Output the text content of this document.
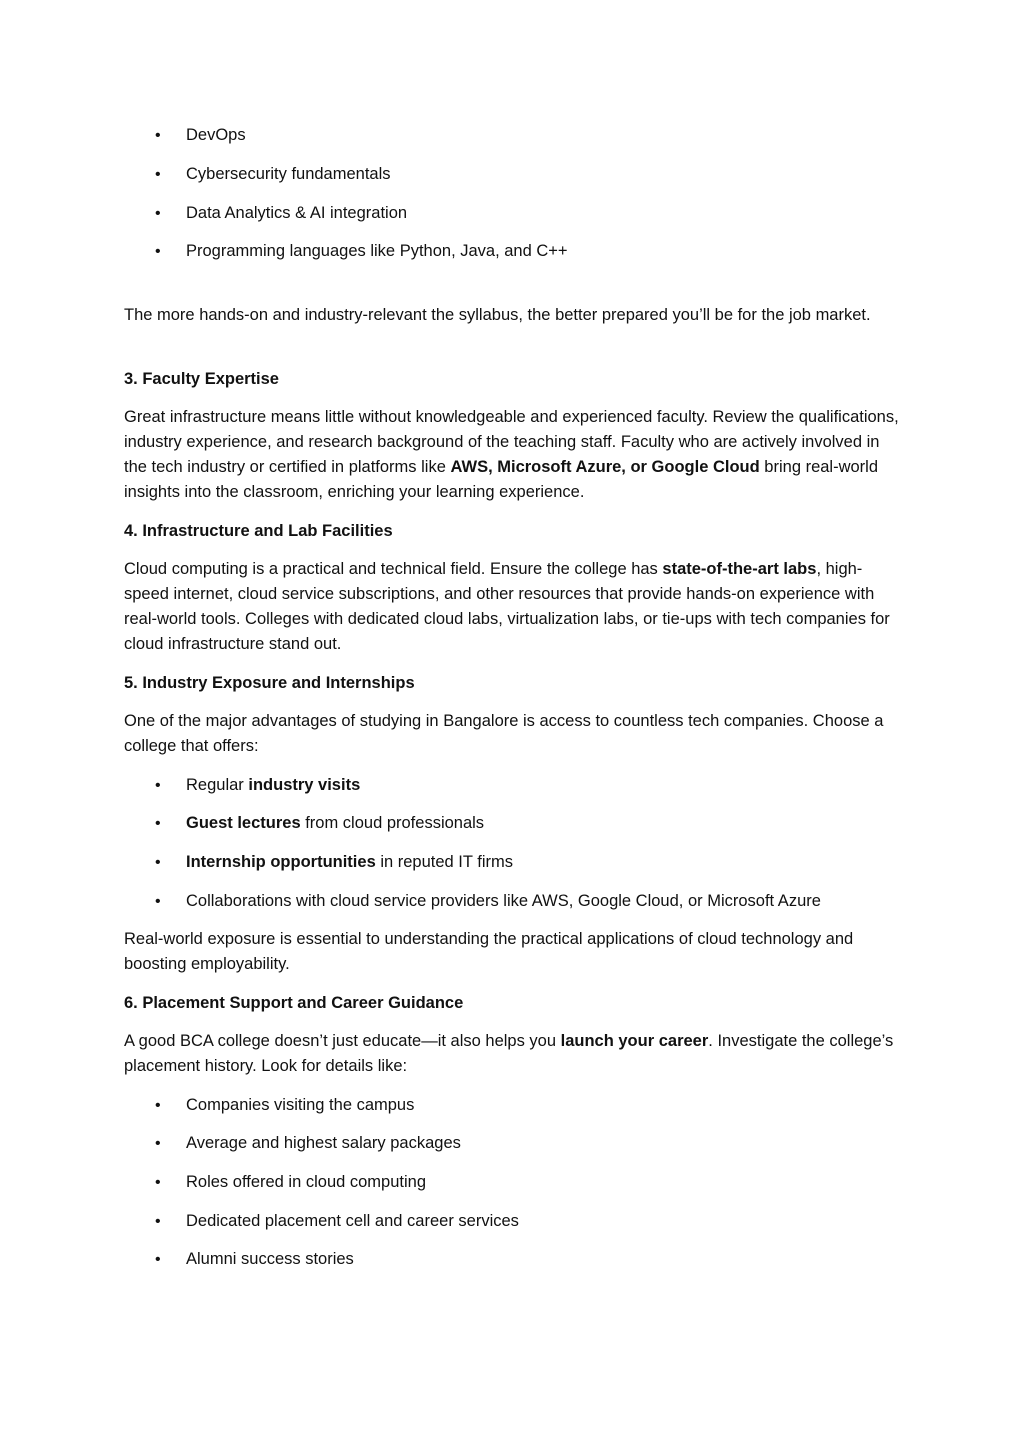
• DevOps

• Cybersecurity fundamentals

• Data Analytics & AI integration

• Programming languages like Python, Java, and C++

The more hands-on and industry-relevant the syllabus, the better prepared you’ll be for the job market.

3. Faculty Expertise

Great infrastructure means little without knowledgeable and experienced faculty. Review the qualifications, industry experience, and research background of the teaching staff. Faculty who are actively involved in the tech industry or certified in platforms like AWS, Microsoft Azure, or Google Cloud bring real-world insights into the classroom, enriching your learning experience.

4. Infrastructure and Lab Facilities

Cloud computing is a practical and technical field. Ensure the college has state-of-the-art labs, high-speed internet, cloud service subscriptions, and other resources that provide hands-on experience with real-world tools. Colleges with dedicated cloud labs, virtualization labs, or tie-ups with tech companies for cloud infrastructure stand out.

5. Industry Exposure and Internships

One of the major advantages of studying in Bangalore is access to countless tech companies. Choose a college that offers:

• Regular industry visits

• Guest lectures from cloud professionals

• Internship opportunities in reputed IT firms

• Collaborations with cloud service providers like AWS, Google Cloud, or Microsoft Azure

Real-world exposure is essential to understanding the practical applications of cloud technology and boosting employability.

6. Placement Support and Career Guidance

A good BCA college doesn’t just educate—it also helps you launch your career. Investigate the college’s placement history. Look for details like:

• Companies visiting the campus

• Average and highest salary packages

• Roles offered in cloud computing

• Dedicated placement cell and career services

• Alumni success stories
